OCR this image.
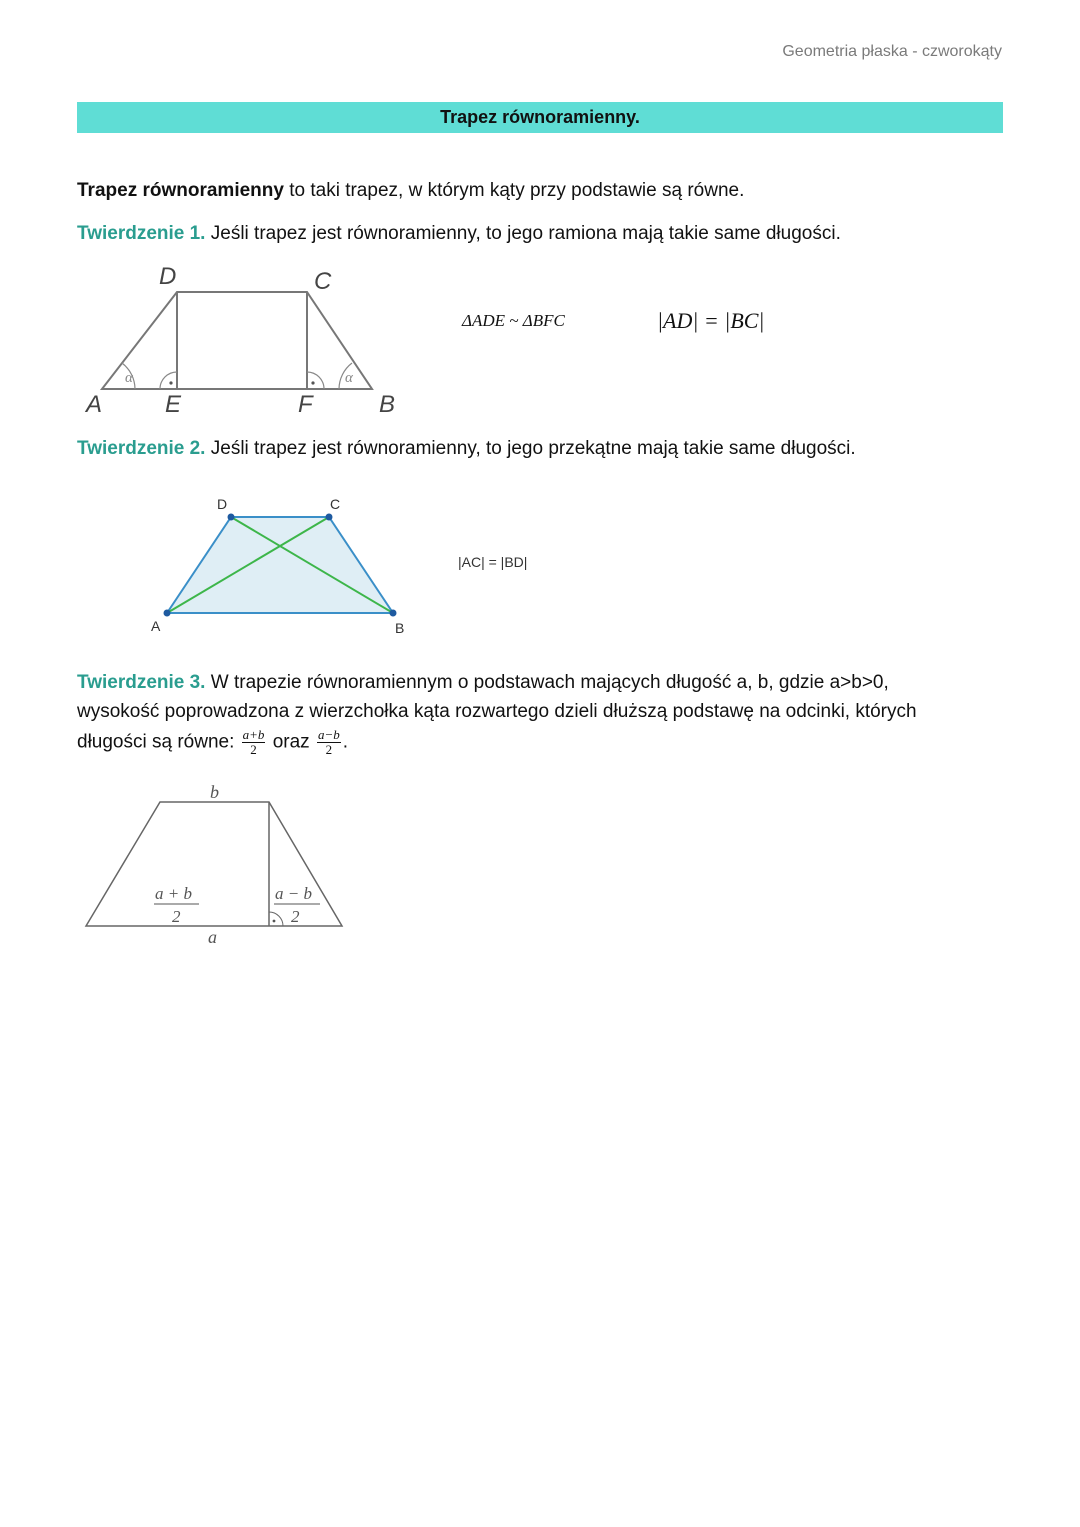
Geometria płaska - czworokąty
Trapez równoramienny.
Trapez równoramienny to taki trapez, w którym kąty przy podstawie są równe.
Twierdzenie 1. Jeśli trapez jest równoramienny, to jego ramiona mają takie same długości.
α	α
D	C
A	E	F	B
ΔADE ~ ΔBFC	|AD| = |BC|
Twierdzenie 2. Jeśli trapez jest równoramienny, to jego przekątne mają takie same długości.
D	C
A	B
|AC| = |BD|
Twierdzenie 3. W trapezie równoramiennym o podstawach mających długość a, b, gdzie a>b>0,
wysokość poprowadzona z wierzchołka kąta rozwartego dzieli dłuższą podstawę na odcinki, których
długości są równe: $\frac{a+b}{2}$ oraz $\frac{a-b}{2}$ .
b
a
a + b
2
a − b
2
